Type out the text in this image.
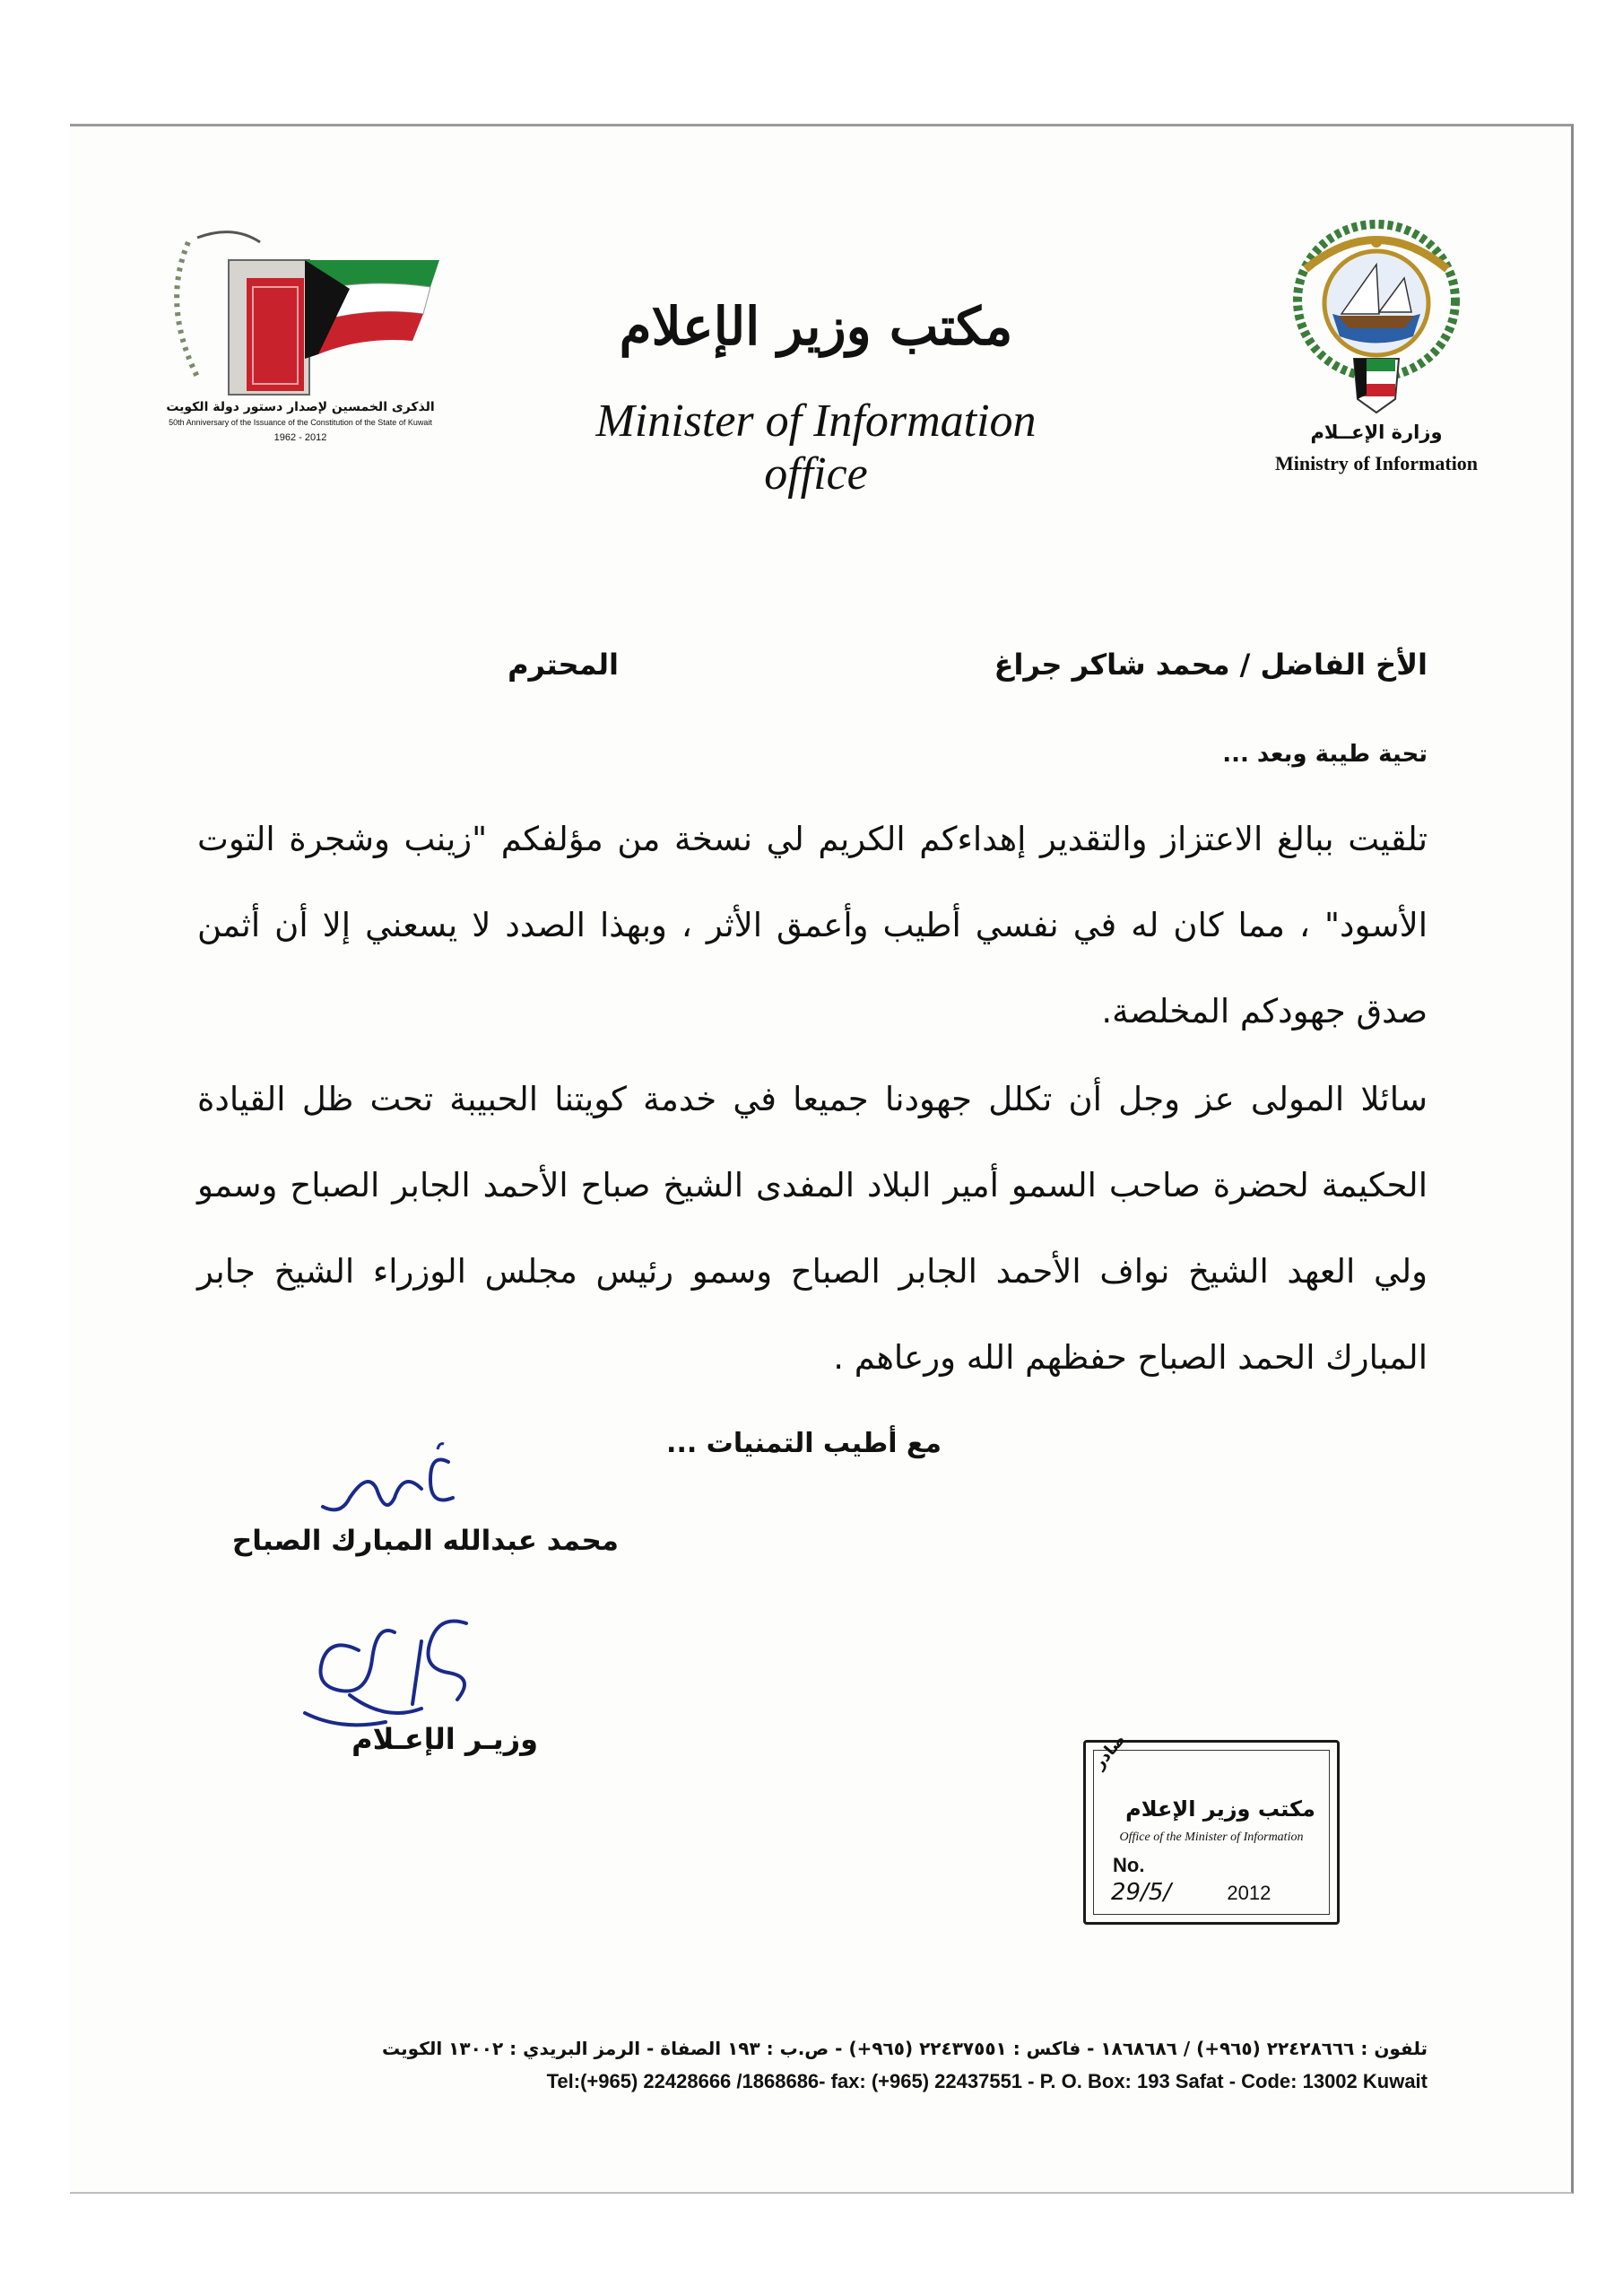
وزارة الإعــلام
Ministry of Information
مكتب وزير الإعلام
Minister of Information office
الذكرى الخمسين لإصدار دستور دولة الكويت
50th Anniversary of the Issuance of the Constitution of the State of Kuwait
1962 - 2012
الأخ الفاضل / محمد شاكر جراغ
المحترم
تحية طيبة وبعد ...
تلقيت ببالغ الاعتزاز والتقدير إهداءكم الكريم لي نسخة من مؤلفكم "زينب وشجرة التوت الأسود" ، مما كان له في نفسي أطيب وأعمق الأثر ، وبهذا الصدد لا يسعني إلا أن أثمن صدق جهودكم المخلصة.
سائلا المولى عز وجل أن تكلل جهودنا جميعا في خدمة كويتنا الحبيبة تحت ظل القيادة الحكيمة لحضرة صاحب السمو أمير البلاد المفدى الشيخ صباح الأحمد الجابر الصباح وسمو ولي العهد الشيخ نواف الأحمد الجابر الصباح وسمو رئيس مجلس الوزراء الشيخ جابر المبارك الحمد الصباح حفظهم الله ورعاهم .
مع أطيب التمنيات ...
محمد عبدالله المبارك الصباح
وزيـر الإعـلام	صادر
مكتب وزير الإعلام
Office of the Minister of Information
No.
29/5/	2012
تلفون : ٢٢٤٢٨٦٦٦ (٩٦٥+) / ١٨٦٨٦٨٦ - فاكس : ٢٢٤٣٧٥٥١ (٩٦٥+) - ص.ب : ١٩٣ الصفاة - الرمز البريدي : ١٣٠٠٢ الكويت
Tel:(+965) 22428666 /1868686- fax: (+965) 22437551 - P. O. Box: 193 Safat - Code: 13002 Kuwait
